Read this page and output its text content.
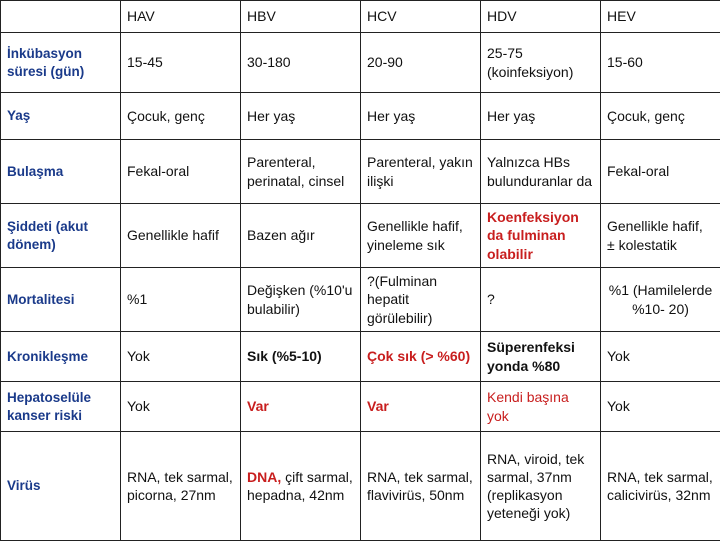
	HAV	HBV	HCV	HDV	HEV
İnkübasyon süresi (gün)	15-45	30-180	20-90	25-75 (koinfeksiyon)	15-60
Yaş	Çocuk, genç	Her yaş	Her yaş	Her yaş	Çocuk, genç
Bulaşma	Fekal-oral	Parenteral, perinatal, cinsel	Parenteral, yakın ilişki	Yalnızca HBs bulunduranlar da	Fekal-oral
Şiddeti (akut dönem)	Genellikle hafif	Bazen ağır	Genellikle hafif, yineleme sık	Koenfeksiyon da fulminan olabilir	Genellikle hafif, ± kolestatik
Mortalitesi	%1	Değişken (%10'u bulabilir)	?(Fulminan hepatit görülebilir)	?	%1 (Hamilelerde %10- 20)
Kronikleşme	Yok	Sık (%5-10)	Çok sık (> %60)	Süperenfeksi yonda %80	Yok
Hepatoselüle kanser riski	Yok	Var	Var	Kendi başına yok	Yok
Virüs	RNA, tek sarmal, picorna, 27nm	DNA, çift sarmal, hepadna, 42nm	RNA, tek sarmal, flavivirüs, 50nm	RNA, viroid, tek sarmal, 37nm (replikasyon yeteneği yok)	RNA, tek sarmal, calicivirüs, 32nm
